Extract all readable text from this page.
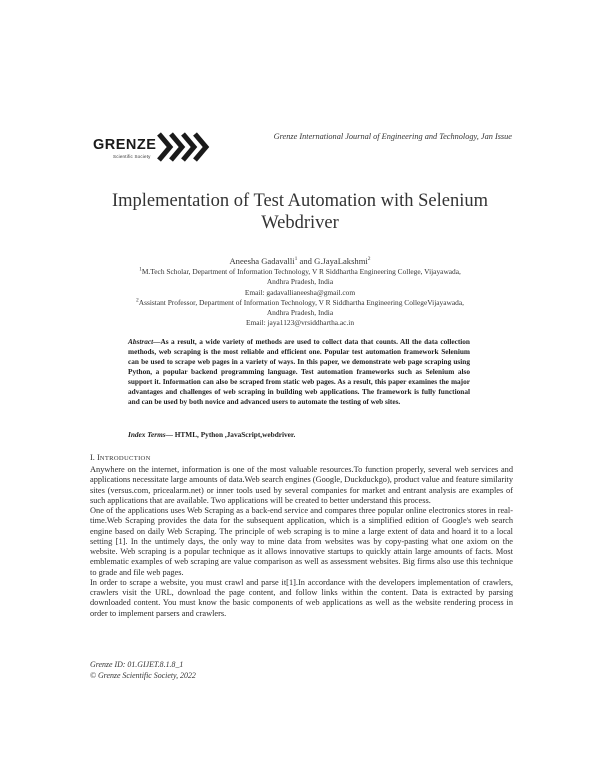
GRENZE
Scientific Society
Grenze International Journal of Engineering and Technology, Jan Issue
Implementation of Test Automation with Selenium
Webdriver
Aneesha Gadavalli$^1$ and G.JayaLakshmi$^2$
$^1$M.Tech Scholar, Department of Information Technology, V R Siddhartha Engineering College, Vijayawada,
Andhra Pradesh, India
Email: gadavallianeesha@gmail.com
$^2$Assistant Professor, Department of Information Technology, V R Siddhartha Engineering CollegeVijayawada,
Andhra Pradesh, India
Email: jaya1123@vrsiddhartha.ac.in
Abstract—As a result, a wide variety of methods are used to collect data that counts. All the data collection methods, web scraping is the most reliable and efficient one. Popular test automation framework Selenium can be used to scrape web pages in a variety of ways. In this paper, we demonstrate web page scraping using Python, a popular backend programming language. Test automation frameworks such as Selenium also support it. Information can also be scraped from static web pages. As a result, this paper examines the major advantages and challenges of web scraping in building web applications. The framework is fully functional and can be used by both novice and advanced users to automate the testing of web sites.
Index Terms— HTML, Python ,JavaScript,webdriver.
I. INTRODUCTION

Anywhere on the internet, information is one of the most valuable resources.To function properly, several web services and applications necessitate large amounts of data.Web search engines (Google, Duckduckgo), product value and feature similarity sites (versus.com, pricealarm.net) or inner tools used by several companies for market and entrant analysis are examples of such applications that are available. Two applications will be created to better understand this process.

One of the applications uses Web Scraping as a back-end service and compares three popular online electronics stores in real-time.Web Scraping provides the data for the subsequent application, which is a simplified edition of Google's web search engine based on daily Web Scraping. The principle of web scraping is to mine a large extent of data and hoard it to a local setting [1]. In the untimely days, the only way to mine data from websites was by copy-pasting what one axiom on the website. Web scraping is a popular technique as it allows innovative startups to quickly attain large amounts of facts. Most emblematic examples of web scraping are value comparison as well as assessment websites. Big firms also use this technique to grade and file web pages.

In order to scrape a website, you must crawl and parse it[1].In accordance with the developers implementation of crawlers, crawlers visit the URL, download the page content, and follow links within the content. Data is extracted by parsing downloaded content. You must know the basic components of web applications as well as the website rendering process in order to implement parsers and crawlers.

Grenze ID: 01.GIJET.8.1.8_1
© Grenze Scientific Society, 2022
